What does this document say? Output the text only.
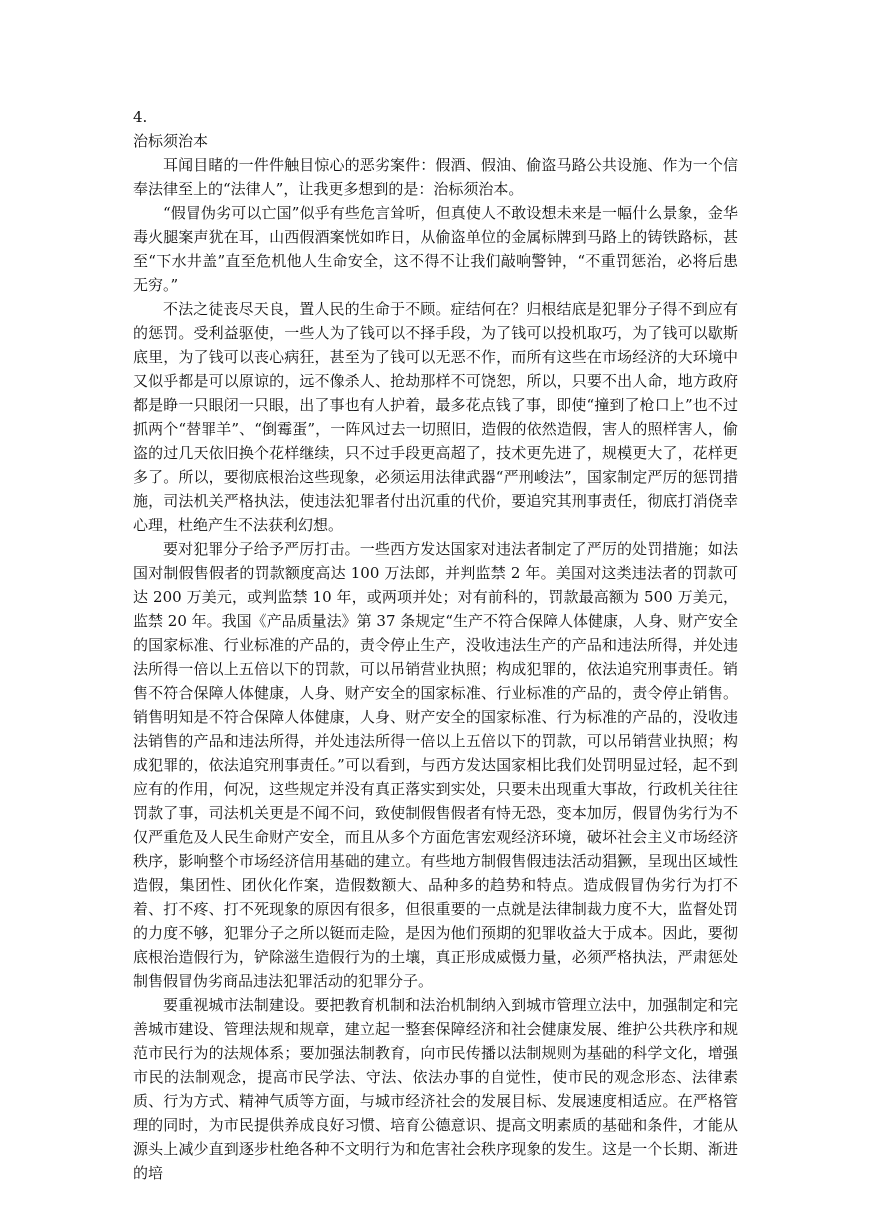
4.

治标须治本

耳闻目睹的一件件触目惊心的恶劣案件：假酒、假油、偷盗马路公共设施、作为一个信奉法律至上的“法律人”，让我更多想到的是：治标须治本。

“假冒伪劣可以亡国”似乎有些危言耸听，但真使人不敢设想未来是一幅什么景象，金华毒火腿案声犹在耳，山西假酒案恍如昨日，从偷盗单位的金属标牌到马路上的铸铁路标，甚至“下水井盖”直至危机他人生命安全，这不得不让我们敲响警钟，“不重罚惩治，必将后患无穷。”

不法之徒丧尽天良，置人民的生命于不顾。症结何在？归根结底是犯罪分子得不到应有的惩罚。受利益驱使，一些人为了钱可以不择手段，为了钱可以投机取巧，为了钱可以歇斯底里，为了钱可以丧心病狂，甚至为了钱可以无恶不作，而所有这些在市场经济的大环境中又似乎都是可以原谅的，远不像杀人、抢劫那样不可饶恕，所以，只要不出人命，地方政府都是睁一只眼闭一只眼，出了事也有人护着，最多花点钱了事，即使“撞到了枪口上”也不过抓两个“替罪羊”、“倒霉蛋”，一阵风过去一切照旧，造假的依然造假，害人的照样害人，偷盗的过几天依旧换个花样继续，只不过手段更高超了，技术更先进了，规模更大了，花样更多了。所以，要彻底根治这些现象，必须运用法律武器“严刑峻法”，国家制定严厉的惩罚措施，司法机关严格执法，使违法犯罪者付出沉重的代价，要追究其刑事责任，彻底打消侥幸心理，杜绝产生不法获利幻想。

要对犯罪分子给予严厉打击。一些西方发达国家对违法者制定了严厉的处罚措施；如法国对制假售假者的罚款额度高达 100 万法郎，并判监禁 2 年。美国对这类违法者的罚款可达 200 万美元，或判监禁 10 年，或两项并处；对有前科的，罚款最高额为 500 万美元，监禁 20 年。我国《产品质量法》第 37 条规定“生产不符合保障人体健康，人身、财产安全的国家标准、行业标准的产品的，责令停止生产，没收违法生产的产品和违法所得，并处违法所得一倍以上五倍以下的罚款，可以吊销营业执照；构成犯罪的，依法追究刑事责任。销售不符合保障人体健康，人身、财产安全的国家标准、行业标准的产品的，责令停止销售。销售明知是不符合保障人体健康，人身、财产安全的国家标准、行为标准的产品的，没收违法销售的产品和违法所得，并处违法所得一倍以上五倍以下的罚款，可以吊销营业执照；构成犯罪的，依法追究刑事责任。”可以看到，与西方发达国家相比我们处罚明显过轻，起不到应有的作用，何况，这些规定并没有真正落实到实处，只要未出现重大事故，行政机关往往罚款了事，司法机关更是不闻不问，致使制假售假者有恃无恐，变本加厉，假冒伪劣行为不仅严重危及人民生命财产安全，而且从多个方面危害宏观经济环境，破坏社会主义市场经济秩序，影响整个市场经济信用基础的建立。有些地方制假售假违法活动猖獗，呈现出区域性造假，集团性、团伙化作案，造假数额大、品种多的趋势和特点。造成假冒伪劣行为打不着、打不疼、打不死现象的原因有很多，但很重要的一点就是法律制裁力度不大，监督处罚的力度不够，犯罪分子之所以铤而走险，是因为他们预期的犯罪收益大于成本。因此，要彻底根治造假行为，铲除滋生造假行为的土壤，真正形成威慑力量，必须严格执法，严肃惩处制售假冒伪劣商品违法犯罪活动的犯罪分子。

要重视城市法制建设。要把教育机制和法治机制纳入到城市管理立法中，加强制定和完善城市建设、管理法规和规章，建立起一整套保障经济和社会健康发展、维护公共秩序和规范市民行为的法规体系；要加强法制教育，向市民传播以法制规则为基础的科学文化，增强市民的法制观念，提高市民学法、守法、依法办事的自觉性，使市民的观念形态、法律素质、行为方式、精神气质等方面，与城市经济社会的发展目标、发展速度相适应。在严格管理的同时，为市民提供养成良好习惯、培育公德意识、提高文明素质的基础和条件，才能从源头上减少直到逐步杜绝各种不文明行为和危害社会秩序现象的发生。这是一个长期、渐进的培
